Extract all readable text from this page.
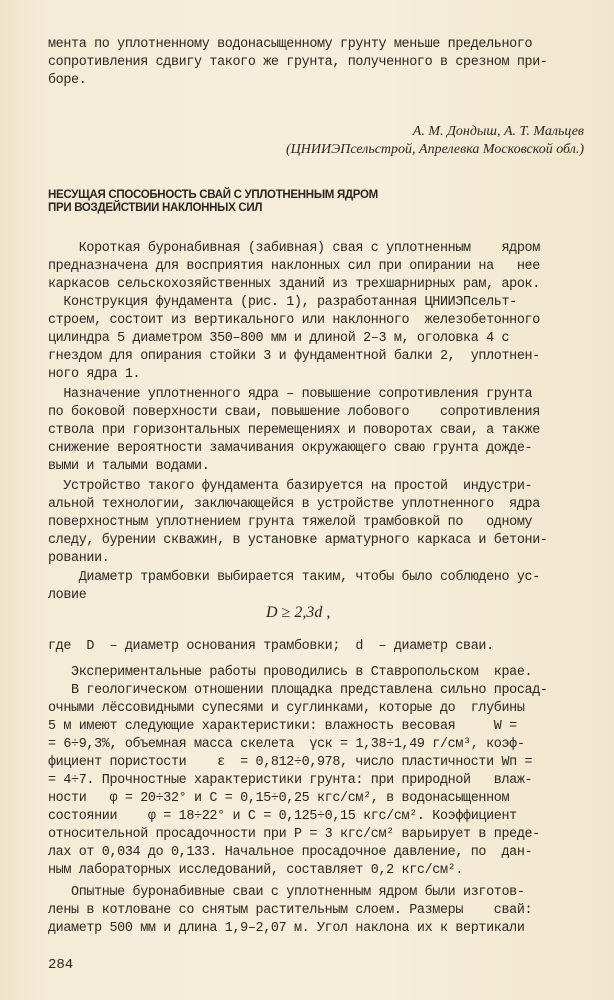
мента по уплотненному водонасыщенному грунту меньше предельного
сопротивления сдвигу такого же грунта, полученного в срезном при-
боре.
А. М. Дондыш, А. Т. Мальцев
(ЦНИИЭПсельстрой, Апрелевка Московской обл.)
НЕСУЩАЯ СПОСОБНОСТЬ СВАЙ С УПЛОТНЕННЫМ ЯДРОМ
ПРИ ВОЗДЕЙСТВИИ НАКЛОННЫХ СИЛ
Короткая буронабивная (забивная) свая с уплотненным    ядром
предназначена для восприятия наклонных сил при опирании на   нее
каркасов сельскохозяйственных зданий из трехшарнирных рам, арок.
Конструкция фундамента (рис. 1), разработанная ЦНИИЭПсельт-
строем, состоит из вертикального или наклонного  железобетонного
цилиндра 5 диаметром 350–800 мм и длиной 2–3 м, оголовка 4 с
гнездом для опирания стойки 3 и фундаментной балки 2,  уплотнен-
ного ядра 1.
Назначение уплотненного ядра – повышение сопротивления грунта
по боковой поверхности сваи, повышение лобового    сопротивления
ствола при горизонтальных перемещениях и поворотах сваи, а также
снижение вероятности замачивания окружающего сваю грунта дожде-
выми и талыми водами.
Устройство такого фундамента базируется на простой  индустри-
альной технологии, заключающейся в устройстве уплотненного  ядра
поверхностным уплотнением грунта тяжелой трамбовкой по   одному
следу, бурении скважин, в установке арматурного каркаса и бетони-
ровании.
Диаметр трамбовки выбирается таким, чтобы было соблюдено ус-
ловие
D ≥ 2,3d ,
где  D  – диаметр основания трамбовки;  d  – диаметр сваи.
Экспериментальные работы проводились в Ставропольском  крае.
В геологическом отношении площадка представлена сильно просад-
очными лёссовидными супесями и суглинками, которые до  глубины
5 м имеют следующие характеристики: влажность весовая     W =
= 6÷9,3%, объемная масса скелета  γск = 1,38÷1,49 г/см³, коэф-
фициент пористости    ε  = 0,812÷0,978, число пластичности Wп =
= 4÷7. Прочностные характеристики грунта: при природной   влаж-
ности   φ = 20÷32° и С = 0,15÷0,25 кгс/см², в водонасыщенном
состоянии    φ = 18÷22° и С = 0,125÷0,15 кгс/см². Коэффициент
относительной просадочности при Р = 3 кгс/см² варьирует в преде-
лах от 0,034 до 0,133. Начальное просадочное давление, по  дан-
ным лабораторных исследований, составляет 0,2 кгс/см².
Опытные буронабивные сваи с уплотненным ядром были изготов-
лены в котловане со снятым растительным слоем. Размеры    свай:
диаметр 500 мм и длина 1,9–2,07 м. Угол наклона их к вертикали
284
